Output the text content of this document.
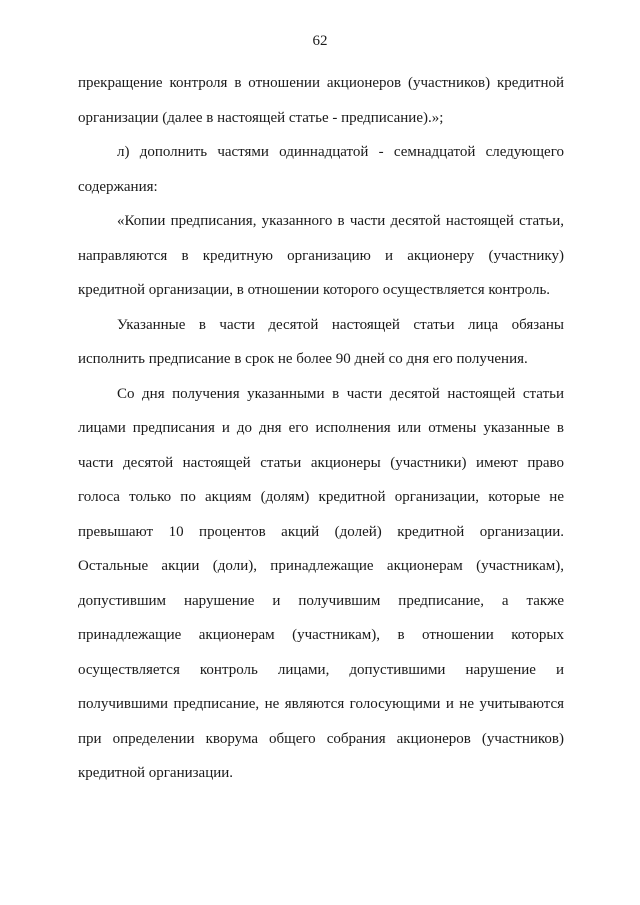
62

прекращение контроля в отношении акционеров (участников) кредитной организации (далее в настоящей статье - предписание).»;

л) дополнить частями одиннадцатой - семнадцатой следующего содержания:

«Копии предписания, указанного в части десятой настоящей статьи, направляются в кредитную организацию и акционеру (участнику) кредитной организации, в отношении которого осуществляется контроль.

Указанные в части десятой настоящей статьи лица обязаны исполнить предписание в срок не более 90 дней со дня его получения.

Со дня получения указанными в части десятой настоящей статьи лицами предписания и до дня его исполнения или отмены указанные в части десятой настоящей статьи акционеры (участники) имеют право голоса только по акциям (долям) кредитной организации, которые не превышают 10 процентов акций (долей) кредитной организации. Остальные акции (доли), принадлежащие акционерам (участникам), допустившим нарушение и получившим предписание, а также принадлежащие акционерам (участникам), в отношении которых осуществляется контроль лицами, допустившими нарушение и получившими предписание, не являются голосующими и не учитываются при определении кворума общего собрания акционеров (участников) кредитной организации.
